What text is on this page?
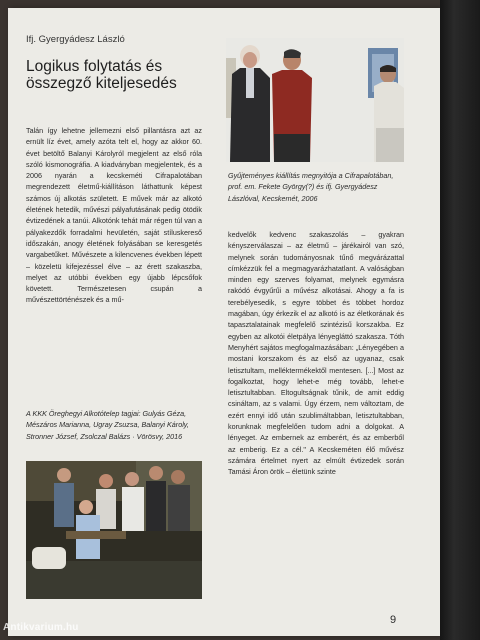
Ifj. Gyergyádesz László
Logikus folytatás és összegző kiteljesedés

Talán így lehetne jellemezni első pillantásra azt az ernült líz évet, amely azóta telt el, hogy az akkor 60. évet betöltő Balanyi Károlyról megjelent az első róla szóló kismonográfia. A kiadványban megjelentek, és a 2006 nyarán a kecskeméti Cifrapalotában megrendezett életmű-kiállításon láthattunk képest számos új alkotás született. E művek már az alkotó életének hetedik, művészi pályafutásának pedig ötödik évtizedének a tanúi. Alkotónk tehát már régen túl van a pályakezdők forradalmi hevületén, saját stíluskereső időszakán, anogy életének folyásában se keresgetés vargabetűket. Művészete a kilencvenes években lépett – közeletü kifejezéssel élve – az érett szakaszba, melyet az utóbbi években egy újabb lépcsőfok követett. Természetesen csupán a művészettörténészek és a mű-

A KKK Öreghegyi Alkotótelep tagjai: Gulyás Géza, Mészáros Marianna, Ugray Zsuzsa, Balanyi Károly, Stronner József, Zsolczal Balázs · Vörösvy, 2016

Gyűjteményes kiállítás megnyitója a Cifrapalotában, prof. em. Fekete György(?) és ifj. Gyergyádesz Lászlóval, Kecskemét, 2006

kedvelők kedvenc szakaszolás – gyakran kényszerválaszai – az életmű – járékairól van szó, melynek során tudományosnak tűnő megvárázattal címkézzük fel a megmagyarázhatatlant. A valóságban minden egy szerves folyamat, melynek egymásra rakódó évgyűrűi a művész alkotásai. Ahogy a fa is terebélyesedik, s egyre többet és többet hordoz magában, úgy érkezik el az alkotó is az életkorának és tapasztalatainak megfelelő szintézisű korszakba. Ez egyben az alkotói életpálya lényegláttó szakasza. Tóth Menyhért sajátos megfogalmazásában: „Lényegében a mostani korszakom és az első az ugyanaz, csak letisztultam, melléktermékektől mentesen. [...] Most az fogalkoztat, hogy lehet-e még tovább, lehet-e letisztultabban. Eltogultságnak tűnik, de amit eddig csináltam, az s valami. Úgy érzem, nem változtam, de ezért ennyi idő után szublimáltabban, letisztultabban, korunknak megfelelően tudom adni a dolgokat. A lényeget. Az embernek az emberért, és az emberből az emberig. Ez a cél." A Kecskeméten élő művész számára értelmet nyert az elmúlt évtizedek során Tamási Áron örök – életünk szinte

9
Antikvarium.hu
